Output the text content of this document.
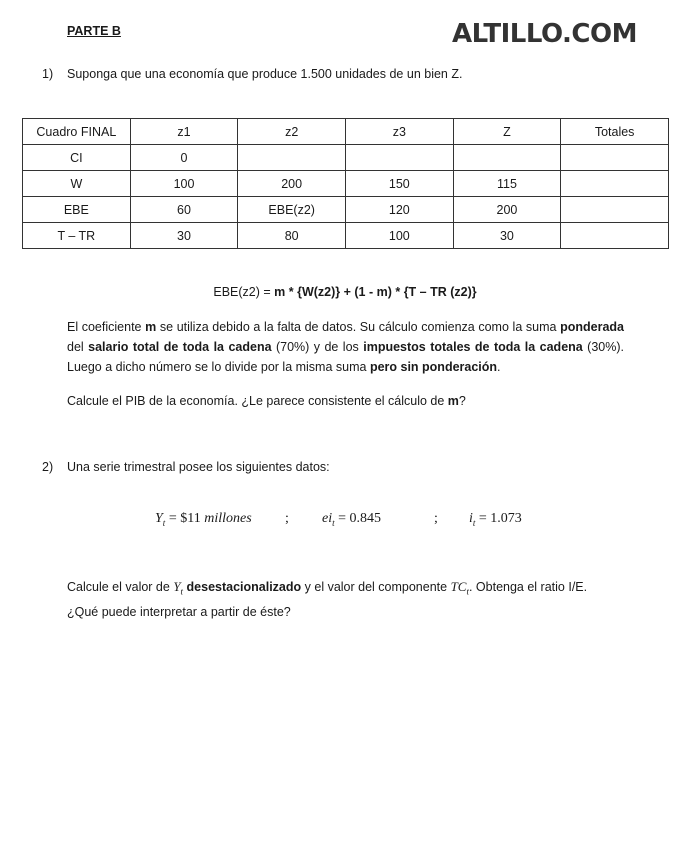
PARTE B	ALTILLO.COM
1) Suponga que una economía que produce 1.500 unidades de un bien Z.
Cuadro FINAL	z1	z2	z3	Z	Totales
CI	0				
W	100	200	150	115	
EBE	60	EBE(z2)	120	200	
T – TR	30	80	100	30	
EBE(z2) = m * {W(z2)} + (1 - m) * {T – TR (z2)}
El coeficiente m se utiliza debido a la falta de datos. Su cálculo comienza como la suma ponderada del salario total de toda la cadena (70%) y de los impuestos totales de toda la cadena (30%). Luego a dicho número se lo divide por la misma suma pero sin ponderación.
Calcule el PIB de la economía. ¿Le parece consistente el cálculo de m?
2) Una serie trimestral posee los siguientes datos:
$Y_t$ = $11 millones ; $ei_t = 0.845$	; $i_t = 1.073$
Calcule el valor de $Y_t$ desestacionalizado y el valor del componente $TC_t$. Obtenga el ratio I/E.
¿Qué puede interpretar a partir de éste?
